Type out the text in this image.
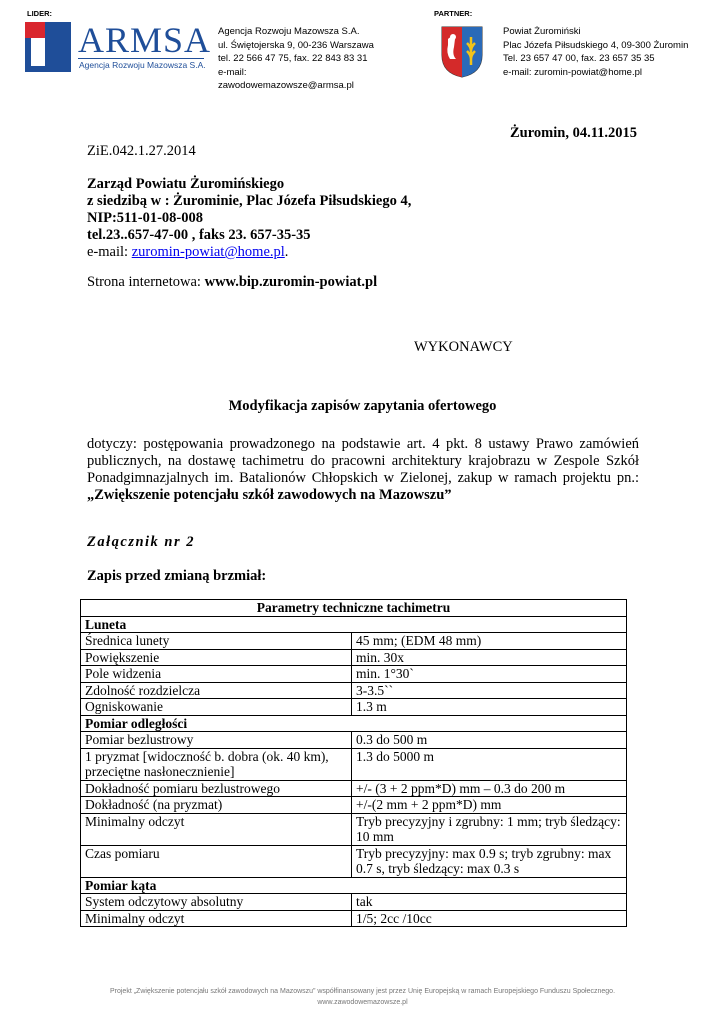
LIDER:	PARTNER:
ARMSA
Agencja Rozwoju Mazowsza S.A.
Agencja Rozwoju Mazowsza S.A.
ul. Świętojerska 9, 00-236 Warszawa
tel. 22 566 47 75, fax. 22 843 83 31
e-mail:
zawodowemazowsze@armsa.pl
Powiat Żuromiński
Plac Józefa Piłsudskiego 4, 09-300 Żuromin
Tel. 23 657 47 00, fax. 23 657 35 35
e-mail: zuromin-powiat@home.pl
Żuromin, 04.11.2015
ZiE.042.1.27.2014
Zarząd Powiatu Żuromińskiego
z siedzibą w : Żurominie, Plac Józefa Piłsudskiego 4,
NIP:511-01-08-008
tel.23..657-47-00 , faks 23. 657-35-35
e-mail: zuromin-powiat@home.pl.
Strona internetowa: www.bip.zuromin-powiat.pl
WYKONAWCY
Modyfikacja zapisów zapytania ofertowego
dotyczy: postępowania prowadzonego na podstawie art. 4 pkt. 8 ustawy Prawo zamówień publicznych, na dostawę tachimetru do pracowni architektury krajobrazu w Zespole Szkół Ponadgimnazjalnych im. Batalionów Chłopskich w Zielonej, zakup w ramach projektu pn.:
„Zwiększenie potencjału szkół zawodowych na Mazowszu”
Załącznik nr 2
Zapis przed zmianą brzmiał:
Parametry techniczne tachimetru	
Luneta	
Średnica lunety	45 mm; (EDM 48 mm)
Powiększenie	min. 30x
Pole widzenia	min. 1°30`
Zdolność rozdzielcza	3-3.5``
Ogniskowanie	1.3 m
Pomiar odległości	
Pomiar bezlustrowy	0.3 do 500 m
1 pryzmat [widoczność b. dobra (ok. 40 km), przeciętne nasłonecznienie]	1.3 do 5000 m
Dokładność pomiaru bezlustrowego	+/- (3 + 2 ppm*D) mm – 0.3 do 200 m
Dokładność (na pryzmat)	+/-(2 mm + 2 ppm*D) mm
Minimalny odczyt	Tryb precyzyjny i zgrubny: 1 mm; tryb śledzący: 10 mm
Czas pomiaru	Tryb precyzyjny: max 0.9 s; tryb zgrubny: max 0.7 s, tryb śledzący: max 0.3 s
Pomiar kąta	
System odczytowy absolutny	tak
Minimalny odczyt	1/5; 2cc /10cc
Projekt „Zwiększenie potencjału szkół zawodowych na Mazowszu” współfinansowany jest przez Unię Europejską w ramach Europejskiego Funduszu Społecznego.
www.zawodowemazowsze.pl
